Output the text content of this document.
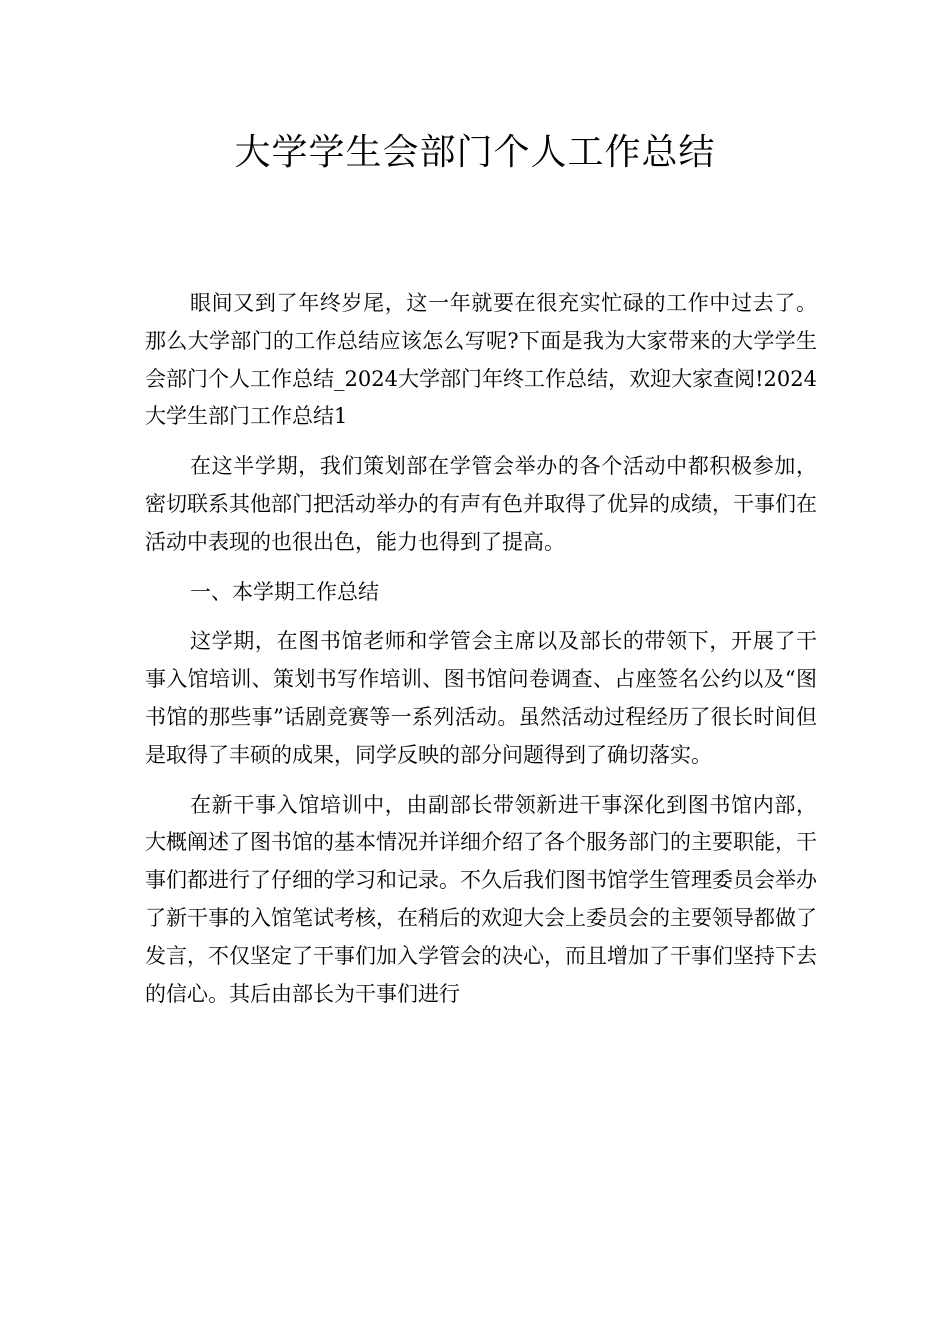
大学学生会部门个人工作总结

眼间又到了年终岁尾，这一年就要在很充实忙碌的工作中过去了。那么大学部门的工作总结应该怎么写呢?下面是我为大家带来的大学学生会部门个人工作总结_2024大学部门年终工作总结，欢迎大家查阅!2024大学生部门工作总结1

在这半学期，我们策划部在学管会举办的各个活动中都积极参加，密切联系其他部门把活动举办的有声有色并取得了优异的成绩，干事们在活动中表现的也很出色，能力也得到了提高。

一、本学期工作总结

这学期，在图书馆老师和学管会主席以及部长的带领下，开展了干事入馆培训、策划书写作培训、图书馆问卷调查、占座签名公约以及“图书馆的那些事”话剧竞赛等一系列活动。虽然活动过程经历了很长时间但是取得了丰硕的成果，同学反映的部分问题得到了确切落实。

在新干事入馆培训中，由副部长带领新进干事深化到图书馆内部，大概阐述了图书馆的基本情况并详细介绍了各个服务部门的主要职能，干事们都进行了仔细的学习和记录。不久后我们图书馆学生管理委员会举办了新干事的入馆笔试考核，在稍后的欢迎大会上委员会的主要领导都做了发言，不仅坚定了干事们加入学管会的决心，而且增加了干事们坚持下去的信心。其后由部长为干事们进行
